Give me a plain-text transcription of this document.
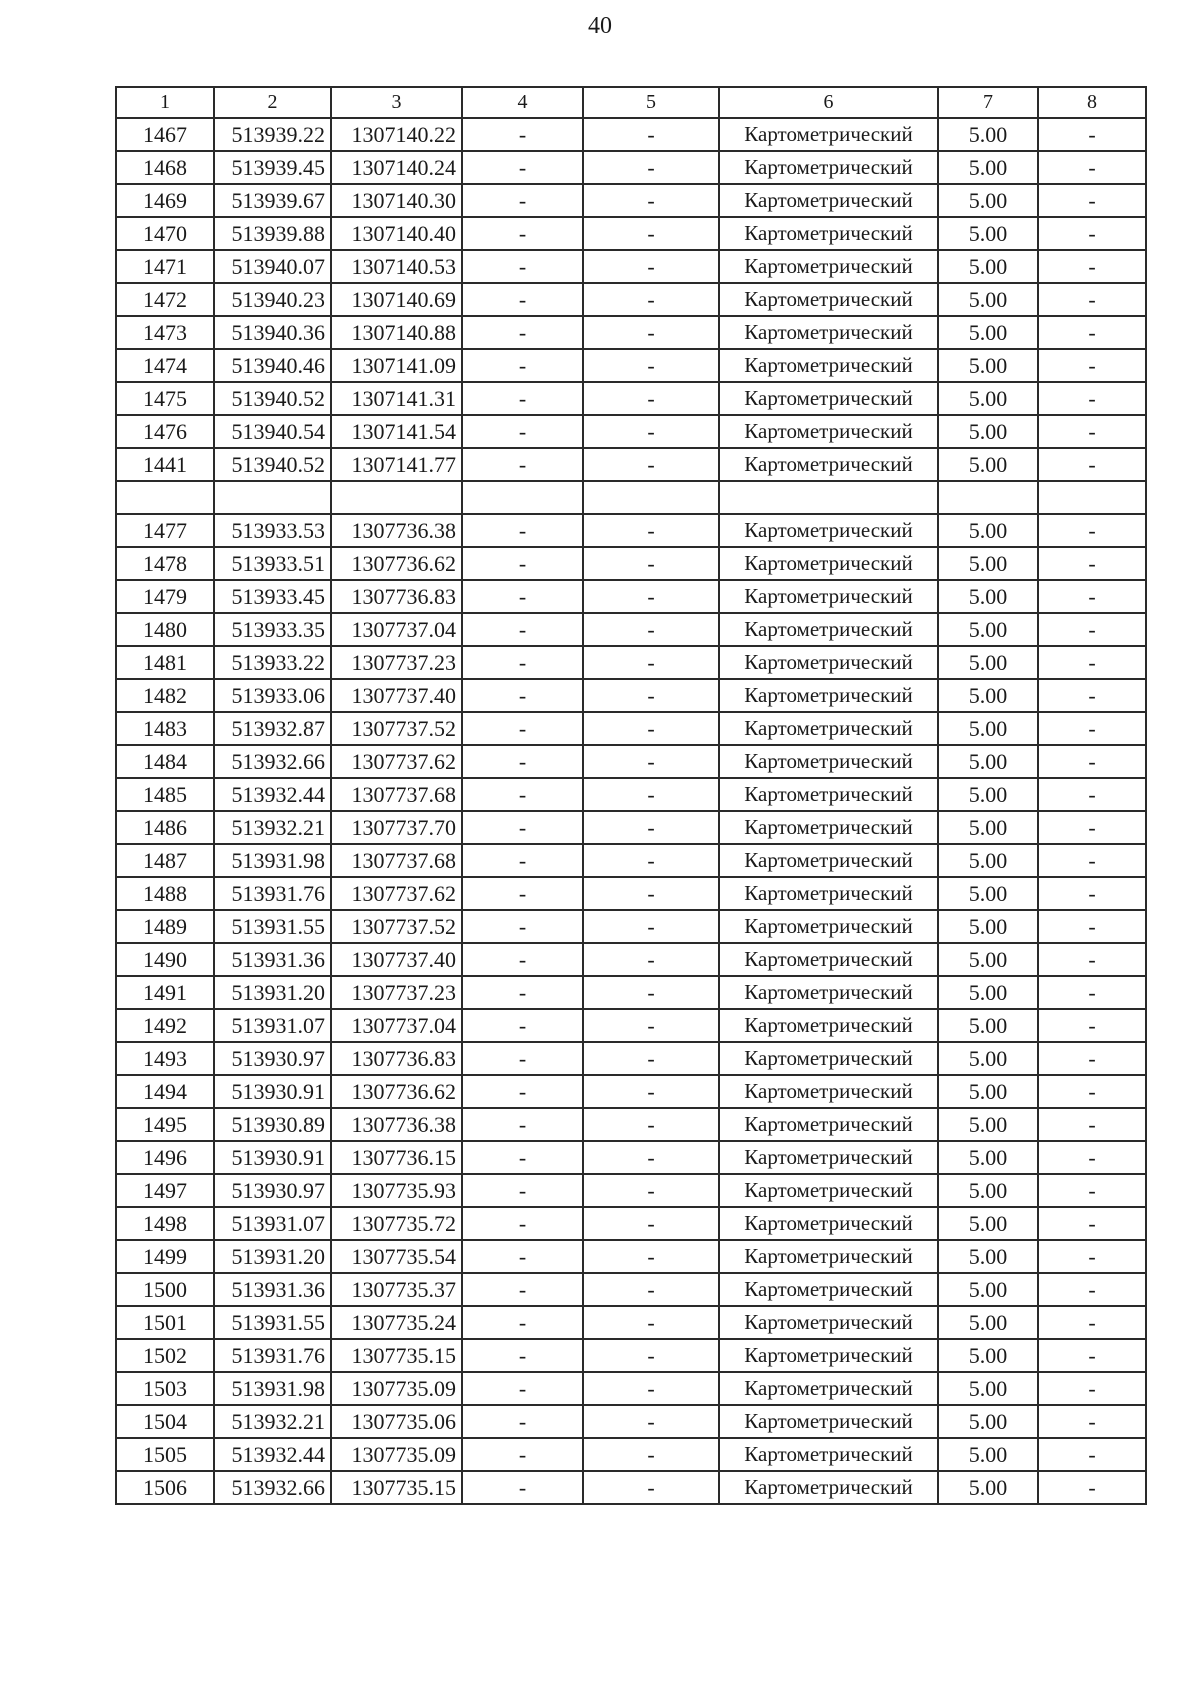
40
1	2	3	4	5	6	7	8
1467	513939.22	1307140.22	-	-	Картометрический	5.00	-
1468	513939.45	1307140.24	-	-	Картометрический	5.00	-
1469	513939.67	1307140.30	-	-	Картометрический	5.00	-
1470	513939.88	1307140.40	-	-	Картометрический	5.00	-
1471	513940.07	1307140.53	-	-	Картометрический	5.00	-
1472	513940.23	1307140.69	-	-	Картометрический	5.00	-
1473	513940.36	1307140.88	-	-	Картометрический	5.00	-
1474	513940.46	1307141.09	-	-	Картометрический	5.00	-
1475	513940.52	1307141.31	-	-	Картометрический	5.00	-
1476	513940.54	1307141.54	-	-	Картометрический	5.00	-
1441	513940.52	1307141.77	-	-	Картометрический	5.00	-

1477	513933.53	1307736.38	-	-	Картометрический	5.00	-
1478	513933.51	1307736.62	-	-	Картометрический	5.00	-
1479	513933.45	1307736.83	-	-	Картометрический	5.00	-
1480	513933.35	1307737.04	-	-	Картометрический	5.00	-
1481	513933.22	1307737.23	-	-	Картометрический	5.00	-
1482	513933.06	1307737.40	-	-	Картометрический	5.00	-
1483	513932.87	1307737.52	-	-	Картометрический	5.00	-
1484	513932.66	1307737.62	-	-	Картометрический	5.00	-
1485	513932.44	1307737.68	-	-	Картометрический	5.00	-
1486	513932.21	1307737.70	-	-	Картометрический	5.00	-
1487	513931.98	1307737.68	-	-	Картометрический	5.00	-
1488	513931.76	1307737.62	-	-	Картометрический	5.00	-
1489	513931.55	1307737.52	-	-	Картометрический	5.00	-
1490	513931.36	1307737.40	-	-	Картометрический	5.00	-
1491	513931.20	1307737.23	-	-	Картометрический	5.00	-
1492	513931.07	1307737.04	-	-	Картометрический	5.00	-
1493	513930.97	1307736.83	-	-	Картометрический	5.00	-
1494	513930.91	1307736.62	-	-	Картометрический	5.00	-
1495	513930.89	1307736.38	-	-	Картометрический	5.00	-
1496	513930.91	1307736.15	-	-	Картометрический	5.00	-
1497	513930.97	1307735.93	-	-	Картометрический	5.00	-
1498	513931.07	1307735.72	-	-	Картометрический	5.00	-
1499	513931.20	1307735.54	-	-	Картометрический	5.00	-
1500	513931.36	1307735.37	-	-	Картометрический	5.00	-
1501	513931.55	1307735.24	-	-	Картометрический	5.00	-
1502	513931.76	1307735.15	-	-	Картометрический	5.00	-
1503	513931.98	1307735.09	-	-	Картометрический	5.00	-
1504	513932.21	1307735.06	-	-	Картометрический	5.00	-
1505	513932.44	1307735.09	-	-	Картометрический	5.00	-
1506	513932.66	1307735.15	-	-	Картометрический	5.00	-
